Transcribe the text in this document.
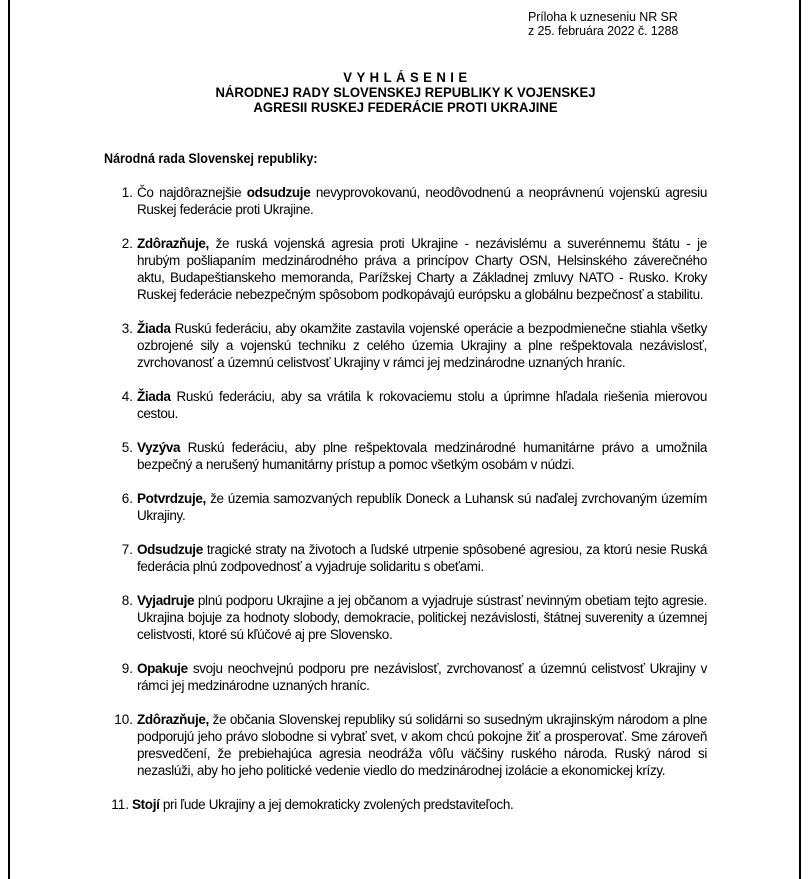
Príloha k uzneseniu NR SR
z 25. februára 2022 č. 1288
VYHLÁSENIE
NÁRODNEJ RADY SLOVENSKEJ REPUBLIKY K VOJENSKEJ
AGRESII RUSKEJ FEDERÁCIE PROTI UKRAJINE
Národná rada Slovenskej republiky:
1. Čo najdôraznejšie odsudzuje nevyprovokovanú, neodôvodnenú a neoprávnenú vojenskú agresiu Ruskej federácie proti Ukrajine.
2. Zdôrazňuje, že ruská vojenská agresia proti Ukrajine - nezávislému a suverénnemu štátu - je hrubým pošliapaním medzinárodného práva a princípov Charty OSN, Helsinského záverečného aktu, Budapeštianskeho memoranda, Parížskej Charty a Základnej zmluvy NATO - Rusko. Kroky Ruskej federácie nebezpečným spôsobom podkopávajú európsku a globálnu bezpečnosť a stabilitu.
3. Žiada Ruskú federáciu, aby okamžite zastavila vojenské operácie a bezpodmienečne stiahla všetky ozbrojené sily a vojenskú techniku z celého územia Ukrajiny a plne rešpektovala nezávislosť, zvrchovanosť a územnú celistvosť Ukrajiny v rámci jej medzinárodne uznaných hraníc.
4. Žiada Ruskú federáciu, aby sa vrátila k rokovaciemu stolu a úprimne hľadala riešenia mierovou cestou.
5. Vyzýva Ruskú federáciu, aby plne rešpektovala medzinárodné humanitárne právo a umožnila bezpečný a nerušený humanitárny prístup a pomoc všetkým osobám v núdzi.
6. Potvrdzuje, že územia samozvaných republík Doneck a Luhansk sú naďalej zvrchovaným územím Ukrajiny.
7. Odsudzuje tragické straty na životoch a ľudské utrpenie spôsobené agresiou, za ktorú nesie Ruská federácia plnú zodpovednosť a vyjadruje solidaritu s obeťami.
8. Vyjadruje plnú podporu Ukrajine a jej občanom a vyjadruje sústrasť nevinným obetiam tejto agresie. Ukrajina bojuje za hodnoty slobody, demokracie, politickej nezávislosti, štátnej suverenity a územnej celistvosti, ktoré sú kľúčové aj pre Slovensko.
9. Opakuje svoju neochvejnú podporu pre nezávislosť, zvrchovanosť a územnú celistvosť Ukrajiny v rámci jej medzinárodne uznaných hraníc.
10. Zdôrazňuje, že občania Slovenskej republiky sú solidárni so susedným ukrajinským národom a plne podporujú jeho právo slobodne si vybrať svet, v akom chcú pokojne žiť a prosperovať. Sme zároveň presvedčení, že prebiehajúca agresia neodráža vôľu väčšiny ruského národa. Ruský národ si nezaslúži, aby ho jeho politické vedenie viedlo do medzinárodnej izolácie a ekonomickej krízy.
11. Stojí pri ľude Ukrajiny a jej demokraticky zvolených predstaviteľoch.
